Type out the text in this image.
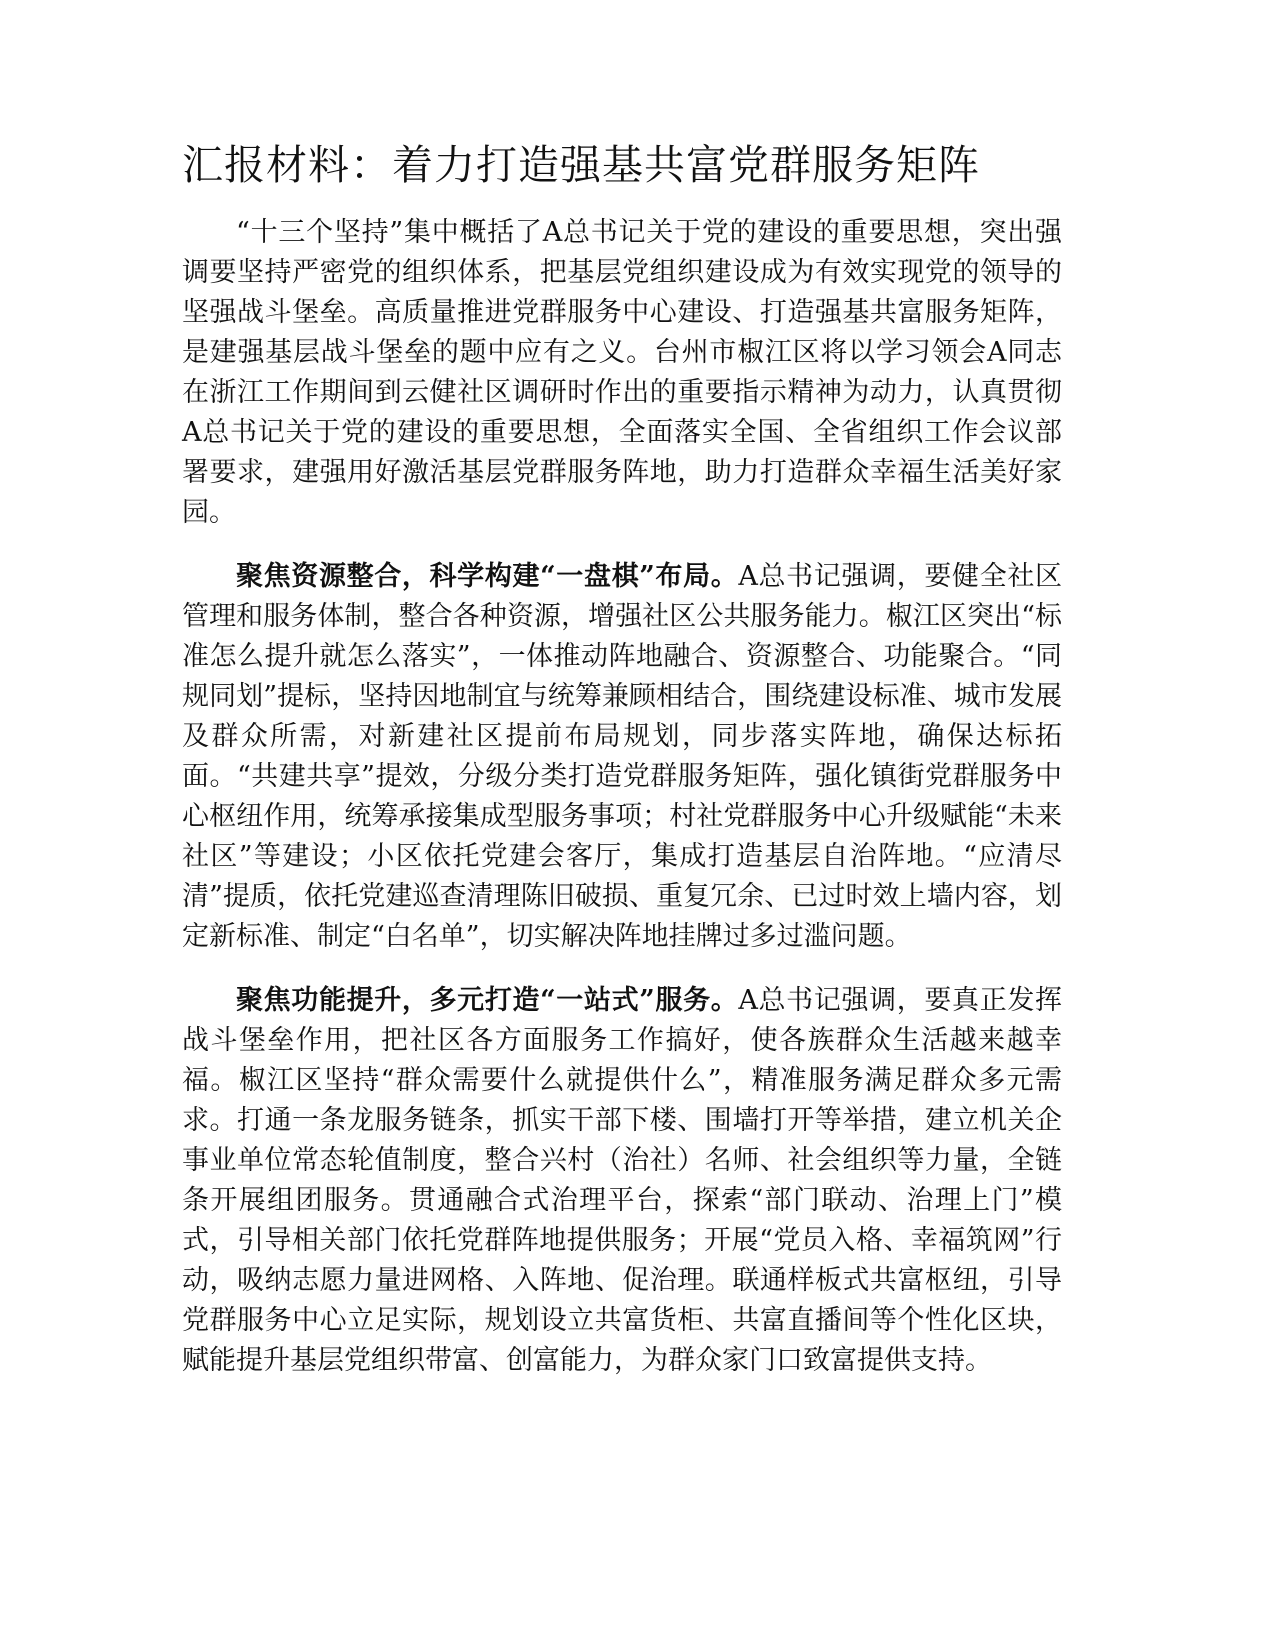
汇报材料：着力打造强基共富党群服务矩阵

“十三个坚持”集中概括了A总书记关于党的建设的重要思想，突出强调要坚持严密党的组织体系，把基层党组织建设成为有效实现党的领导的坚强战斗堡垒。高质量推进党群服务中心建设、打造强基共富服务矩阵，是建强基层战斗堡垒的题中应有之义。台州市椒江区将以学习领会A同志在浙江工作期间到云健社区调研时作出的重要指示精神为动力，认真贯彻A总书记关于党的建设的重要思想，全面落实全国、全省组织工作会议部署要求，建强用好激活基层党群服务阵地，助力打造群众幸福生活美好家园。

聚焦资源整合，科学构建“一盘棋”布局。A总书记强调，要健全社区管理和服务体制，整合各种资源，增强社区公共服务能力。椒江区突出“标准怎么提升就怎么落实”，一体推动阵地融合、资源整合、功能聚合。“同规同划”提标，坚持因地制宜与统筹兼顾相结合，围绕建设标准、城市发展及群众所需，对新建社区提前布局规划，同步落实阵地，确保达标拓面。“共建共享”提效，分级分类打造党群服务矩阵，强化镇街党群服务中心枢纽作用，统筹承接集成型服务事项；村社党群服务中心升级赋能“未来社区”等建设；小区依托党建会客厅，集成打造基层自治阵地。“应清尽清”提质，依托党建巡查清理陈旧破损、重复冗余、已过时效上墙内容，划定新标准、制定“白名单”，切实解决阵地挂牌过多过滥问题。

聚焦功能提升，多元打造“一站式”服务。A总书记强调，要真正发挥战斗堡垒作用，把社区各方面服务工作搞好，使各族群众生活越来越幸福。椒江区坚持“群众需要什么就提供什么”，精准服务满足群众多元需求。打通一条龙服务链条，抓实干部下楼、围墙打开等举措，建立机关企事业单位常态轮值制度，整合兴村（治社）名师、社会组织等力量，全链条开展组团服务。贯通融合式治理平台，探索“部门联动、治理上门”模式，引导相关部门依托党群阵地提供服务；开展“党员入格、幸福筑网”行动，吸纳志愿力量进网格、入阵地、促治理。联通样板式共富枢纽，引导党群服务中心立足实际，规划设立共富货柜、共富直播间等个性化区块，赋能提升基层党组织带富、创富能力，为群众家门口致富提供支持。
